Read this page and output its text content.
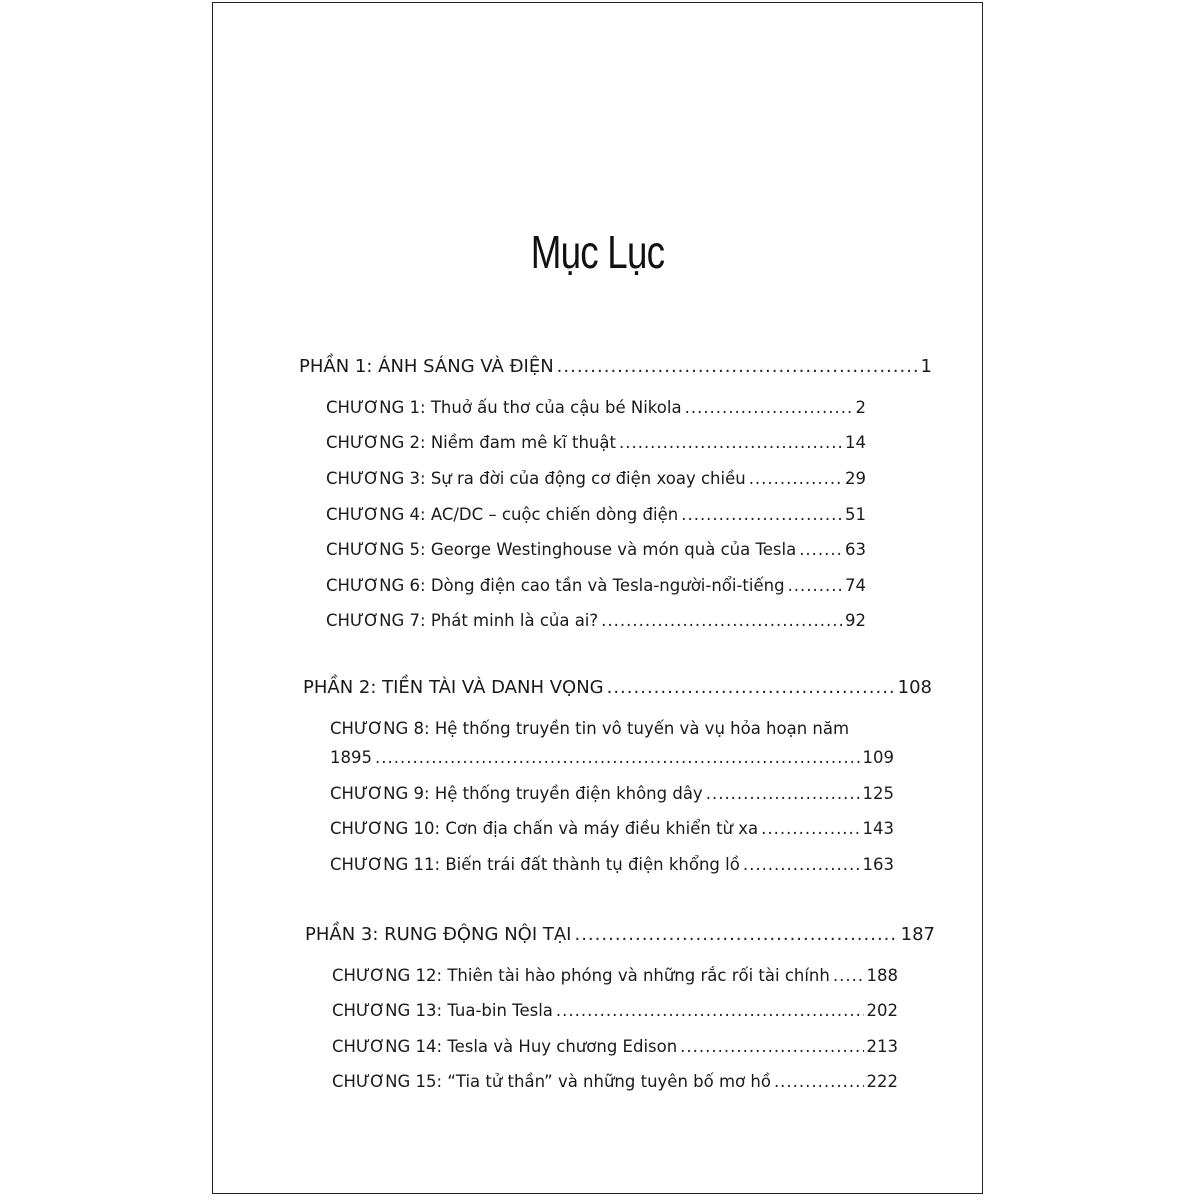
Mục Lục
PHẦN 1: ÁNH SÁNG VÀ ĐIỆN .....	1
CHƯƠNG 1: Thuở ấu thơ của cậu bé Nikola .....	2
CHƯƠNG 2: Niềm đam mê kĩ thuật .....	14
CHƯƠNG 3: Sự ra đời của động cơ điện xoay chiều .....	29
CHƯƠNG 4: AC/DC – cuộc chiến dòng điện .....	51
CHƯƠNG 5: George Westinghouse và món quà của Tesla .....	63
CHƯƠNG 6: Dòng điện cao tần và Tesla-người-nổi-tiếng .....	74
CHƯƠNG 7: Phát minh là của ai? .....	92
PHẦN 2: TIỀN TÀI VÀ DANH VỌNG .....	108
CHƯƠNG 8: Hệ thống truyền tin vô tuyến và vụ hỏa hoạn năm
1895 .....	109
CHƯƠNG 9: Hệ thống truyền điện không dây .....	125
CHƯƠNG 10: Cơn địa chấn và máy điều khiển từ xa .....	143
CHƯƠNG 11: Biến trái đất thành tụ điện khổng lồ .....	163
PHẦN 3: RUNG ĐỘNG NỘI TẠI .....	187
CHƯƠNG 12: Thiên tài hào phóng và những rắc rối tài chính ..... 188
CHƯƠNG 13: Tua-bin Tesla .....	202
CHƯƠNG 14: Tesla và Huy chương Edison .....	213
CHƯƠNG 15: “Tia tử thần” và những tuyên bố mơ hồ .....	222
